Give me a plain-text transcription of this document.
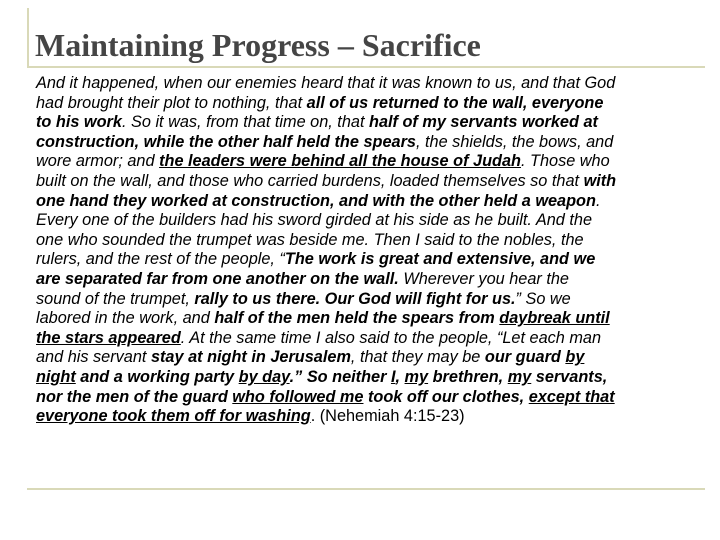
Maintaining Progress – Sacrifice
And it happened, when our enemies heard that it was known to us, and that God
had brought their plot to nothing, that all of us returned to the wall, everyone
to his work. So it was, from that time on, that half of my servants worked at
construction, while the other half held the spears, the shields, the bows, and
wore armor; and the leaders were behind all the house of Judah. Those who
built on the wall, and those who carried burdens, loaded themselves so that with
one hand they worked at construction, and with the other held a weapon.
Every one of the builders had his sword girded at his side as he built. And the
one who sounded the trumpet was beside me. Then I said to the nobles, the
rulers, and the rest of the people, “The work is great and extensive, and we
are separated far from one another on the wall. Wherever you hear the
sound of the trumpet, rally to us there. Our God will fight for us.” So we
labored in the work, and half of the men held the spears from daybreak until
the stars appeared. At the same time I also said to the people, “Let each man
and his servant stay at night in Jerusalem, that they may be our guard by
night and a working party by day.” So neither I, my brethren, my servants,
nor the men of the guard who followed me took off our clothes, except that
everyone took them off for washing. (Nehemiah 4:15-23)
